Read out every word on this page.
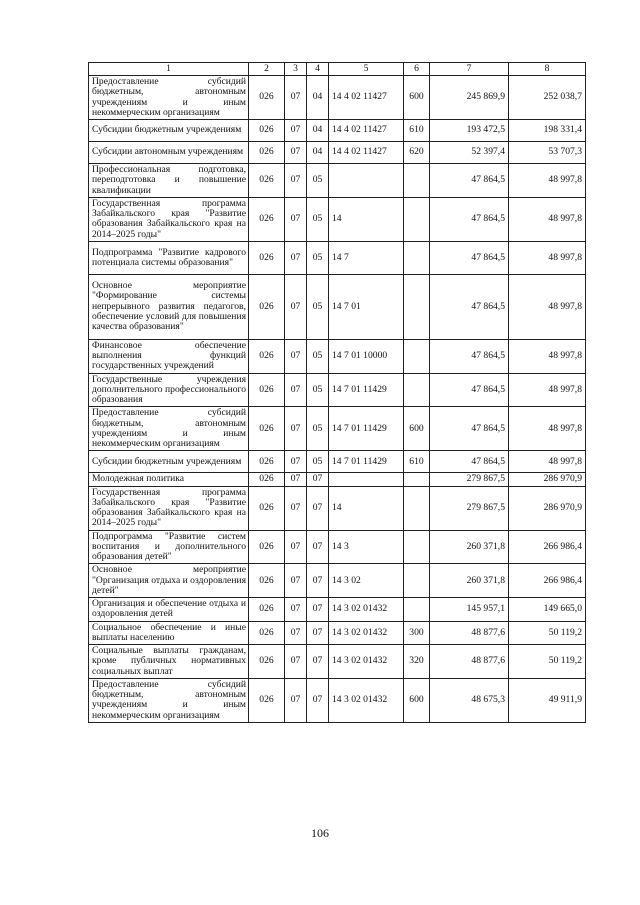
1	2	3	4	5	6	7	8
Предоставление субсидий бюджетным, автономным учреждениям и иным некоммерческим организациям	026	07	04	14 4 02 11427	600	245 869,9	252 038,7
Субсидии бюджетным учреждениям	026	07	04	14 4 02 11427	610	193 472,5	198 331,4
Субсидии автономным учреждениям	026	07	04	14 4 02 11427	620	52 397,4	53 707,3
Профессиональная подготовка, переподготовка и повышение квалификации	026	07	05			47 864,5	48 997,8
Государственная программа Забайкальского края "Развитие образования Забайкальского края на 2014–2025 годы"	026	07	05	14		47 864,5	48 997,8
Подпрограмма "Развитие кадрового потенциала системы образования"	026	07	05	14 7		47 864,5	48 997,8
Основное мероприятие "Формирование системы непрерывного развития педагогов, обеспечение условий для повышения качества образования"	026	07	05	14 7 01		47 864,5	48 997,8
Финансовое обеспечение выполнения функций государственных учреждений	026	07	05	14 7 01 10000		47 864,5	48 997,8
Государственные учреждения дополнительного профессионального образования	026	07	05	14 7 01 11429		47 864,5	48 997,8
Предоставление субсидий бюджетным, автономным учреждениям и иным некоммерческим организациям	026	07	05	14 7 01 11429	600	47 864,5	48 997,8
Субсидии бюджетным учреждениям	026	07	05	14 7 01 11429	610	47 864,5	48 997,8
Молодежная политика	026	07	07			279 867,5	286 970,9
Государственная программа Забайкальского края "Развитие образования Забайкальского края на 2014–2025 годы"	026	07	07	14		279 867,5	286 970,9
Подпрограмма "Развитие систем воспитания и дополнительного образования детей"	026	07	07	14 3		260 371,8	266 986,4
Основное мероприятие "Организация отдыха и оздоровления детей"	026	07	07	14 3 02		260 371,8	266 986,4
Организация и обеспечение отдыха и оздоровления детей	026	07	07	14 3 02 01432		145 957,1	149 665,0
Социальное обеспечение и иные выплаты населению	026	07	07	14 3 02 01432	300	48 877,6	50 119,2
Социальные выплаты гражданам, кроме публичных нормативных социальных выплат	026	07	07	14 3 02 01432	320	48 877,6	50 119,2
Предоставление субсидий бюджетным, автономным учреждениям и иным некоммерческим организациям	026	07	07	14 3 02 01432	600	48 675,3	49 911,9
106
